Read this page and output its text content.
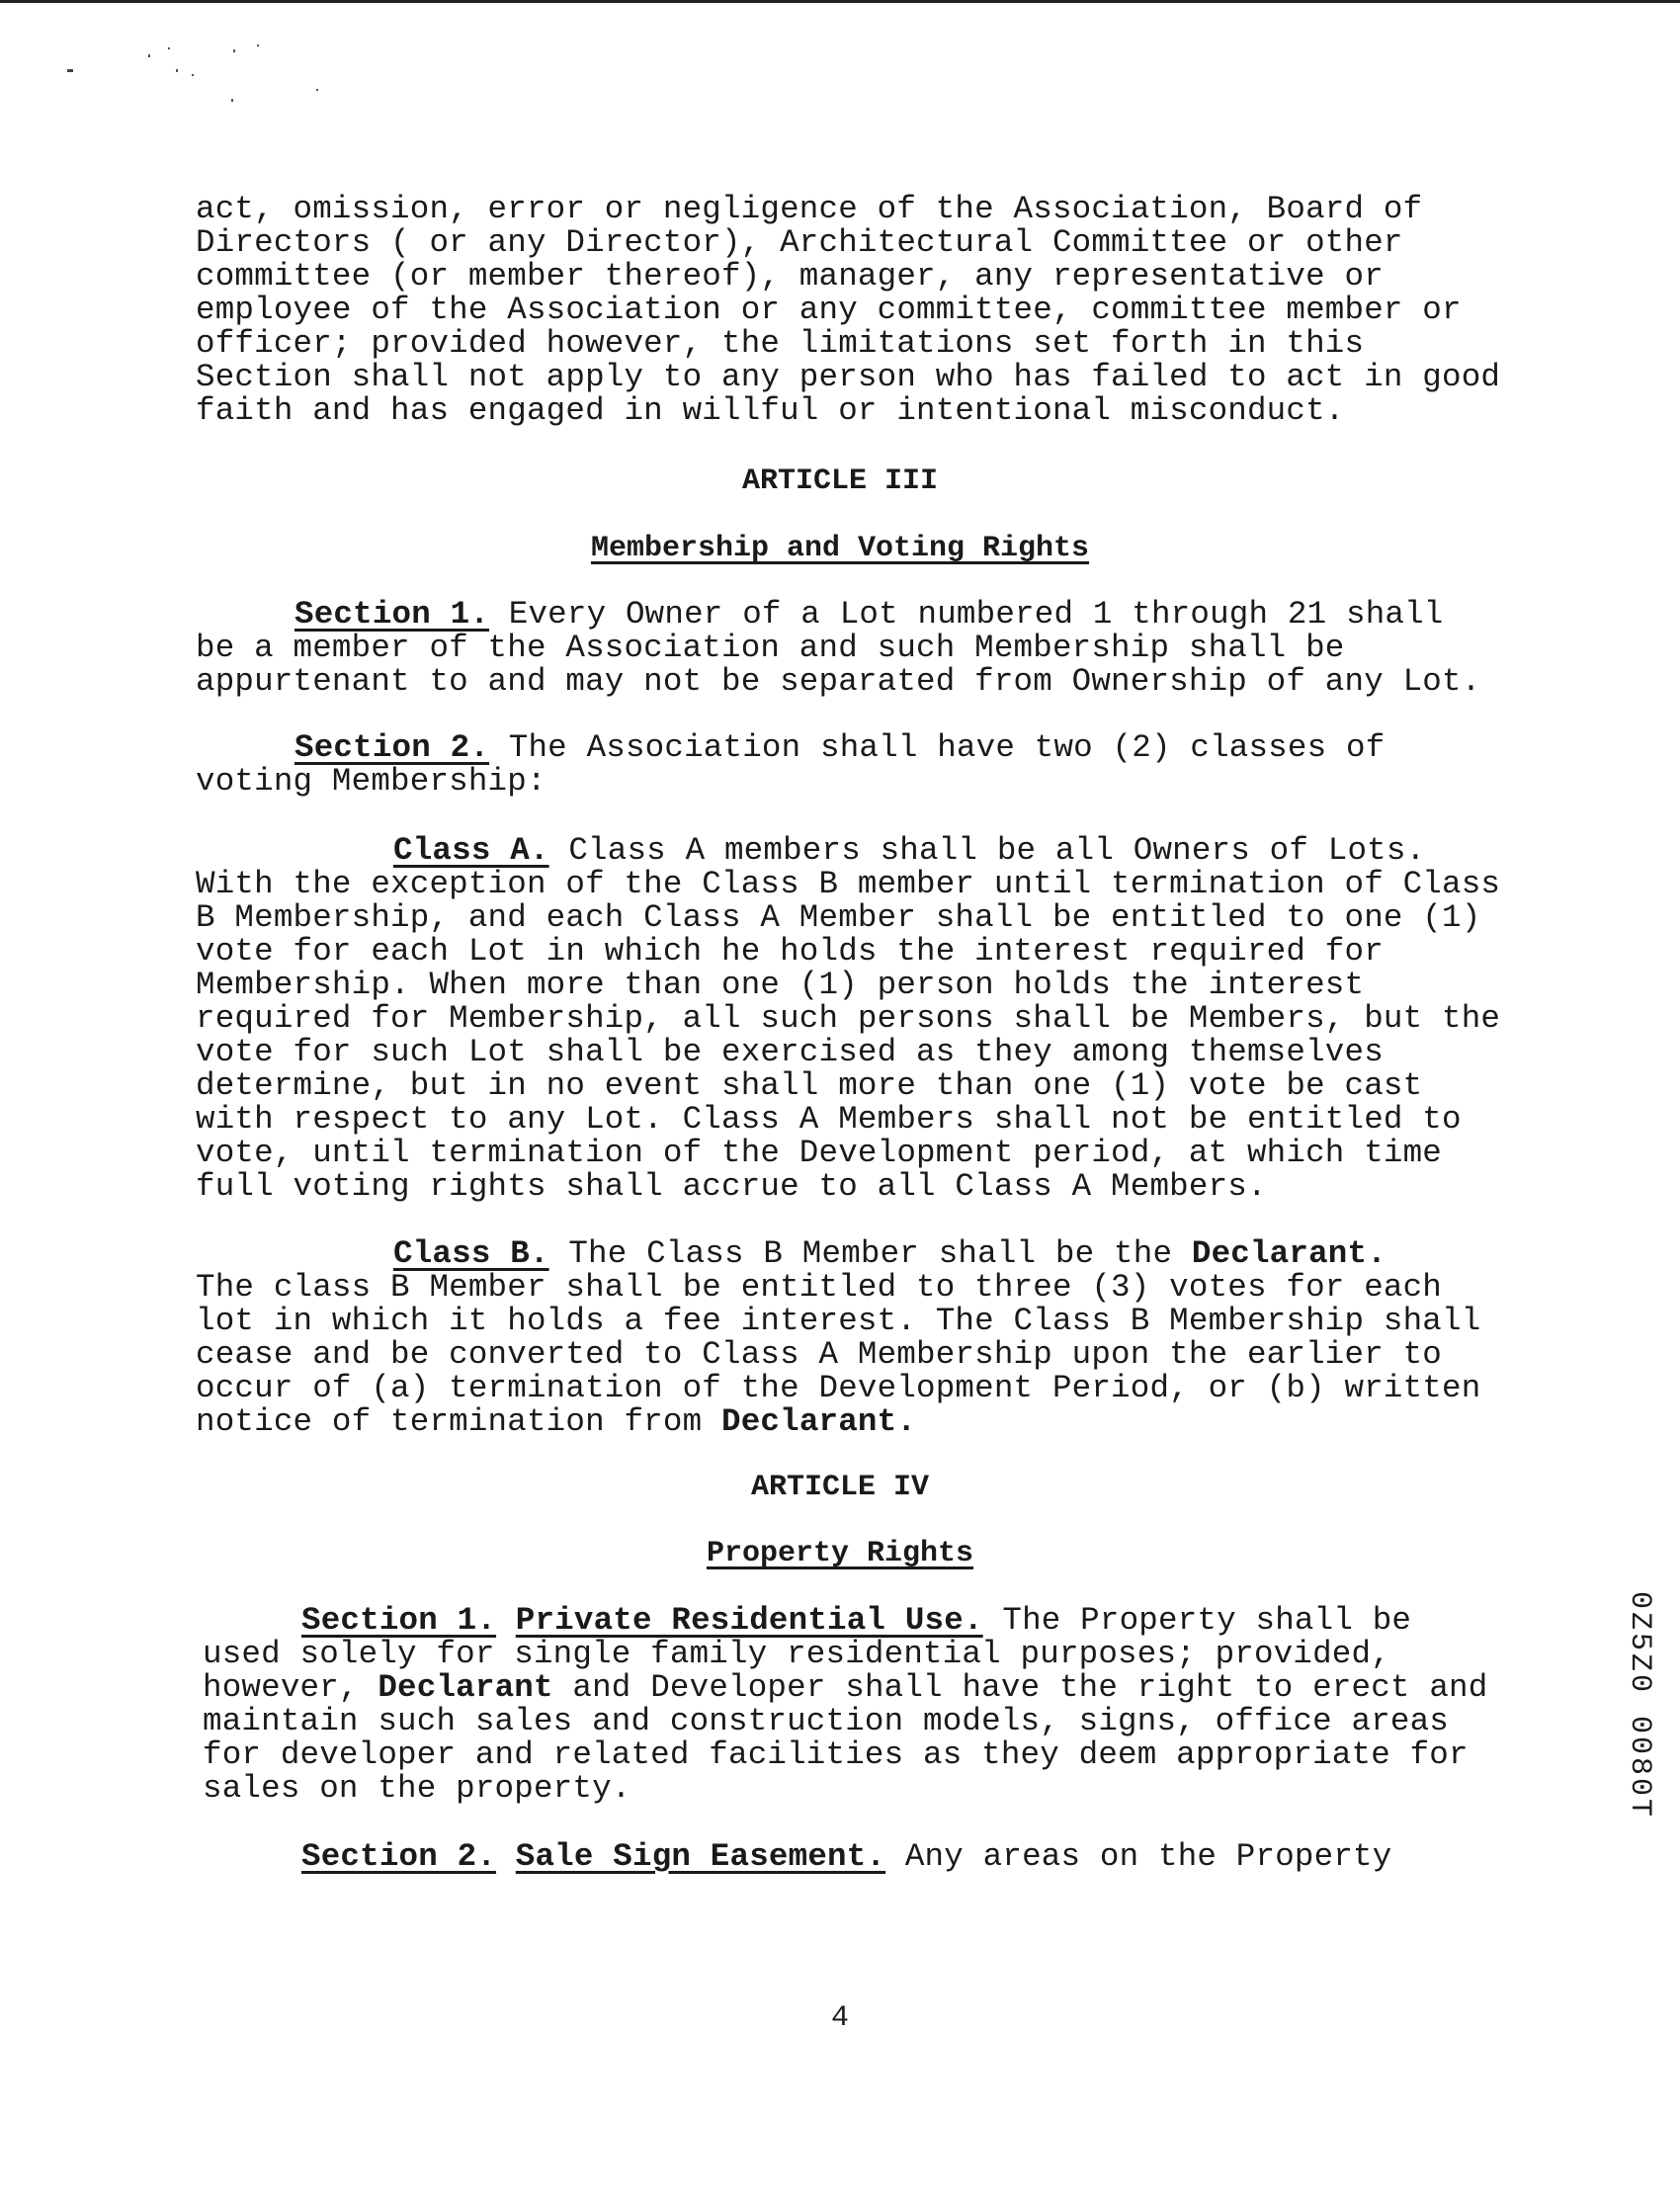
act, omission, error or negligence of the Association, Board of
Directors ( or any Director), Architectural Committee or other
committee (or member thereof), manager, any representative or
employee of the Association or any committee, committee member or
officer; provided however, the limitations set forth in this
Section shall not apply to any person who has failed to act in good
faith and has engaged in willful or intentional misconduct.
ARTICLE III
Membership and Voting Rights
Section 1. Every Owner of a Lot numbered 1 through 21 shall
be a member of the Association and such Membership shall be
appurtenant to and may not be separated from Ownership of any Lot.
Section 2. The Association shall have two (2) classes of
voting Membership:
Class A. Class A members shall be all Owners of Lots.
With the exception of the Class B member until termination of Class
B Membership, and each Class A Member shall be entitled to one (1)
vote for each Lot in which he holds the interest required for
Membership. When more than one (1) person holds the interest
required for Membership, all such persons shall be Members, but the
vote for such Lot shall be exercised as they among themselves
determine, but in no event shall more than one (1) vote be cast
with respect to any Lot. Class A Members shall not be entitled to
vote, until termination of the Development period, at which time
full voting rights shall accrue to all Class A Members.
Class B. The Class B Member shall be the Declarant.
The class B Member shall be entitled to three (3) votes for each
lot in which it holds a fee interest. The Class B Membership shall
cease and be converted to Class A Membership upon the earlier to
occur of (a) termination of the Development Period, or (b) written
notice of termination from Declarant.
ARTICLE IV
Property Rights
Section 1. Private Residential Use. The Property shall be
used solely for single family residential purposes; provided,
however, Declarant and Developer shall have the right to erect and
maintain such sales and construction models, signs, office areas
for developer and related facilities as they deem appropriate for
sales on the property.
Section 2. Sale Sign Easement. Any areas on the Property
4
0Z5Z0 0080T
